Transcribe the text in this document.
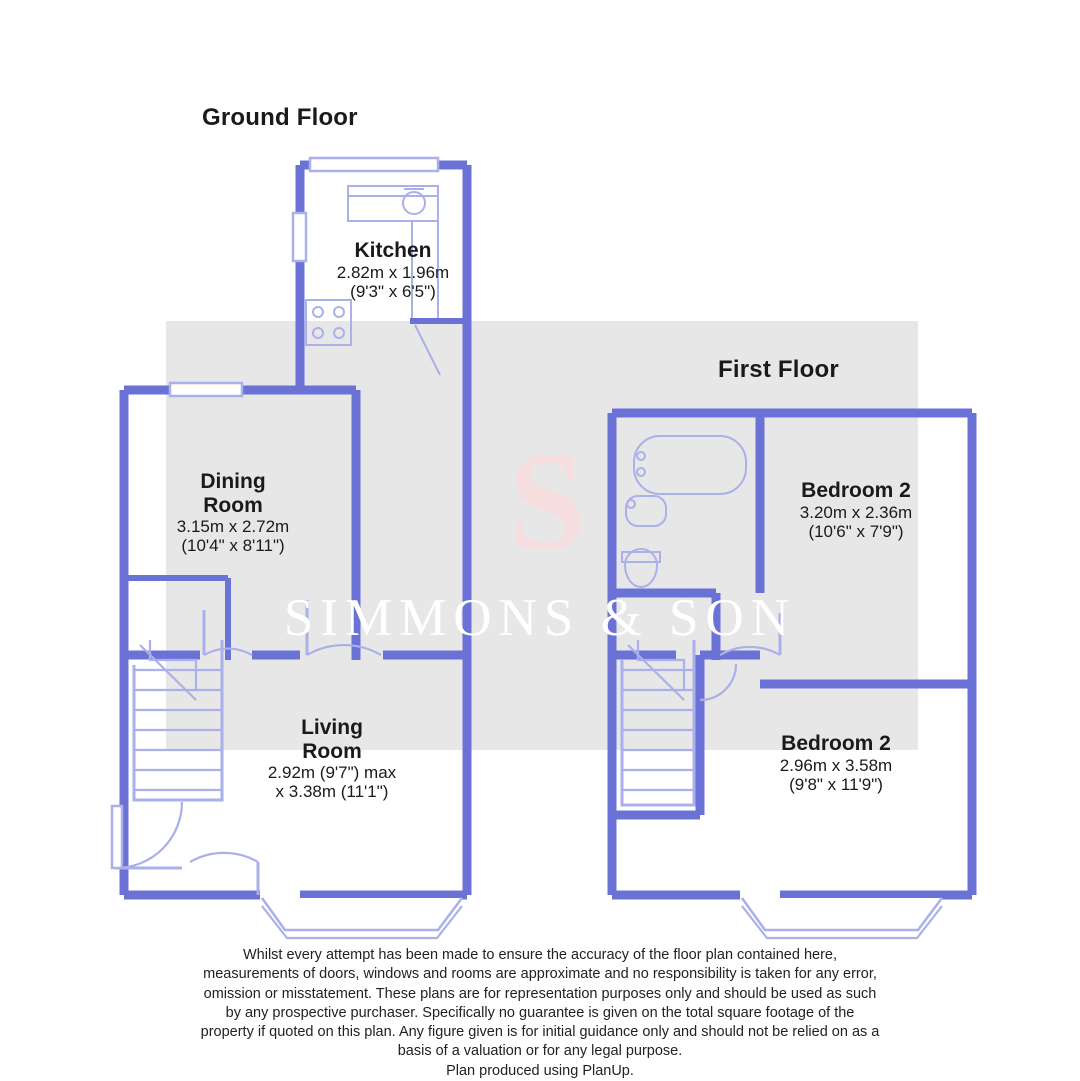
S
SIMMONS & SON
Ground Floor
First Floor
Kitchen
2.82m x 1.96m
(9'3" x 6'5")
Dining
Room
3.15m x 2.72m
(10'4" x 8'11")
Living
Room
2.92m (9'7") max
x 3.38m (11'1")
Bedroom 2
3.20m x 2.36m
(10'6" x 7'9")
Bedroom 2
2.96m x 3.58m
(9'8" x 11'9")
Whilst every attempt has been made to ensure the accuracy of the floor plan contained here,
measurements of doors, windows and rooms are approximate and no responsibility is taken for any error,
omission or misstatement. These plans are for representation purposes only and should be used as such
by any prospective purchaser. Specifically no guarantee is given on the total square footage of the
property if quoted on this plan. Any figure given is for initial guidance only and should not be relied on as a
basis of a valuation or for any legal purpose.
Plan produced using PlanUp.
